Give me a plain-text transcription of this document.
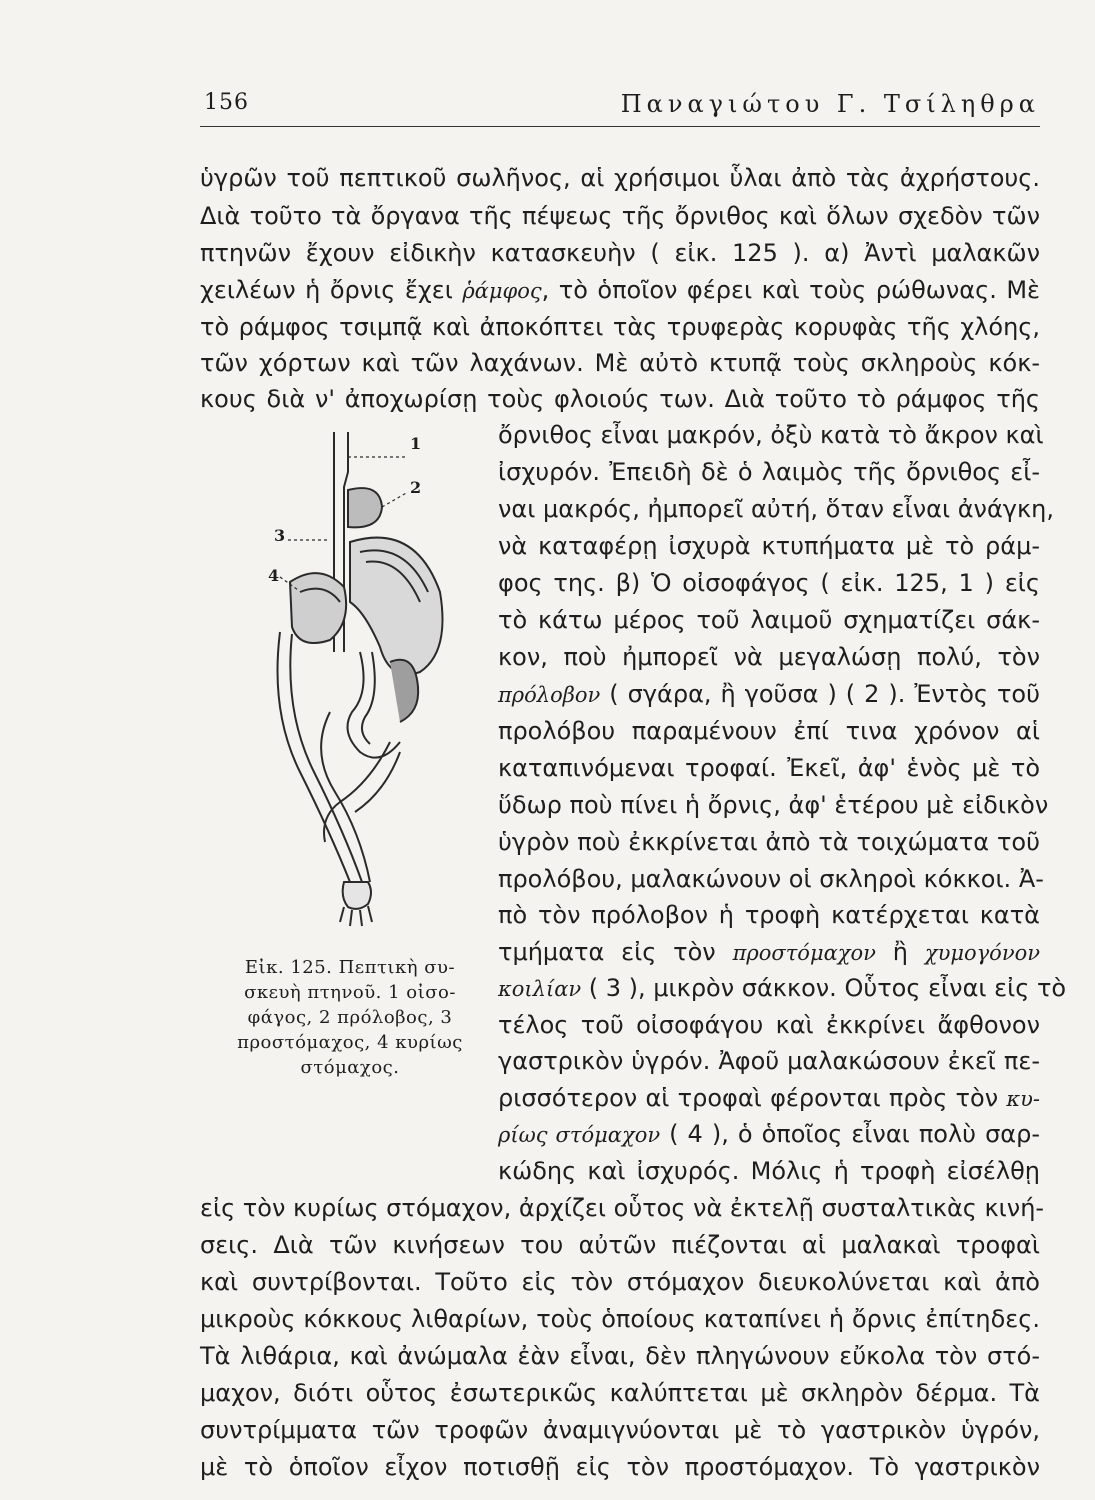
156	Παναγιώτου Γ. Τσίληθρα
ὑγρῶν τοῦ πεπτικοῦ σωλῆνος, αἱ χρήσιμοι ὗλαι ἀπὸ τὰς ἀχρήστους.
Διὰ τοῦτο τὰ ὄργανα τῆς πέψεως τῆς ὄρνιθος καὶ ὅλων σχεδὸν τῶν
πτηνῶν ἔχουν εἰδικὴν κατασκευὴν ( εἰκ. 125 ). α) Ἀντὶ μαλακῶν
χειλέων ἡ ὄρνις ἔχει ῥάμφος, τὸ ὁποῖον φέρει καὶ τοὺς ρώθωνας. Μὲ
τὸ ράμφος τσιμπᾷ καὶ ἀποκόπτει τὰς τρυφερὰς κορυφὰς τῆς χλόης,
τῶν χόρτων καὶ τῶν λαχάνων. Μὲ αὐτὸ κτυπᾷ τοὺς σκληροὺς κόκ-
κους διὰ ν' ἀποχωρίσῃ τοὺς φλοιούς των. Διὰ τοῦτο τὸ ράμφος τῆς
ὄρνιθος εἶναι μακρόν, ὀξὺ κατὰ τὸ ἄκρον καὶ
ἰσχυρόν. Ἐπειδὴ δὲ ὁ λαιμὸς τῆς ὄρνιθος εἶ-
ναι μακρός, ἠμπορεῖ αὐτή, ὅταν εἶναι ἀνάγκη,
νὰ καταφέρῃ ἰσχυρὰ κτυπήματα μὲ τὸ ράμ-
φος της. β) Ὁ οἰσοφάγος ( εἰκ. 125, 1 ) εἰς
τὸ κάτω μέρος τοῦ λαιμοῦ σχηματίζει σάκ-
κον, ποὺ ἠμπορεῖ νὰ μεγαλώσῃ πολύ, τὸν
πρόλοβον ( σγάρα, ἢ γοῦσα ) ( 2 ). Ἐντὸς τοῦ
προλόβου παραμένουν ἐπί τινα χρόνον αἱ
καταπινόμεναι τροφαί. Ἐκεῖ, ἀφ' ἑνὸς μὲ τὸ
ὕδωρ ποὺ πίνει ἡ ὄρνις, ἀφ' ἑτέρου μὲ εἰδικὸν
ὑγρὸν ποὺ ἐκκρίνεται ἀπὸ τὰ τοιχώματα τοῦ
προλόβου, μαλακώνουν οἱ σκληροὶ κόκκοι. Ἀ-
πὸ τὸν πρόλοβον ἡ τροφὴ κατέρχεται κατὰ
τμήματα εἰς τὸν προστόμαχον ἢ χυμογόνον
κοιλίαν ( 3 ), μικρὸν σάκκον. Οὗτος εἶναι εἰς τὸ
τέλος τοῦ οἰσοφάγου καὶ ἐκκρίνει ἄφθονον
γαστρικὸν ὑγρόν. Ἀφοῦ μαλακώσουν ἐκεῖ πε-
ρισσότερον αἱ τροφαὶ φέρονται πρὸς τὸν κυ-
ρίως στόμαχον ( 4 ), ὁ ὁποῖος εἶναι πολὺ σαρ-
κώδης καὶ ἰσχυρός. Μόλις ἡ τροφὴ εἰσέλθῃ
εἰς τὸν κυρίως στόμαχον, ἀρχίζει οὗτος νὰ ἐκτελῇ συσταλτικὰς κινή-
σεις. Διὰ τῶν κινήσεων του αὐτῶν πιέζονται αἱ μαλακαὶ τροφαὶ
καὶ συντρίβονται. Τοῦτο εἰς τὸν στόμαχον διευκολύνεται καὶ ἀπὸ
μικροὺς κόκκους λιθαρίων, τοὺς ὁποίους καταπίνει ἡ ὄρνις ἐπίτηδες.
Τὰ λιθάρια, καὶ ἀνώμαλα ἐὰν εἶναι, δὲν πληγώνουν εὔκολα τὸν στό-
μαχον, διότι οὗτος ἐσωτερικῶς καλύπτεται μὲ σκληρὸν δέρμα. Τὰ
συντρίμματα τῶν τροφῶν ἀναμιγνύονται μὲ τὸ γαστρικὸν ὑγρόν,
μὲ τὸ ὁποῖον εἶχον ποτισθῇ εἰς τὸν προστόμαχον. Τὸ γαστρικὸν
1
2
3
4
Εἰκ. 125. Πεπτικὴ συ-
σκευὴ πτηνοῦ. 1 οἰσο-
φάγος, 2 πρόλοβος, 3
προστόμαχος, 4 κυρίως
στόμαχος.
